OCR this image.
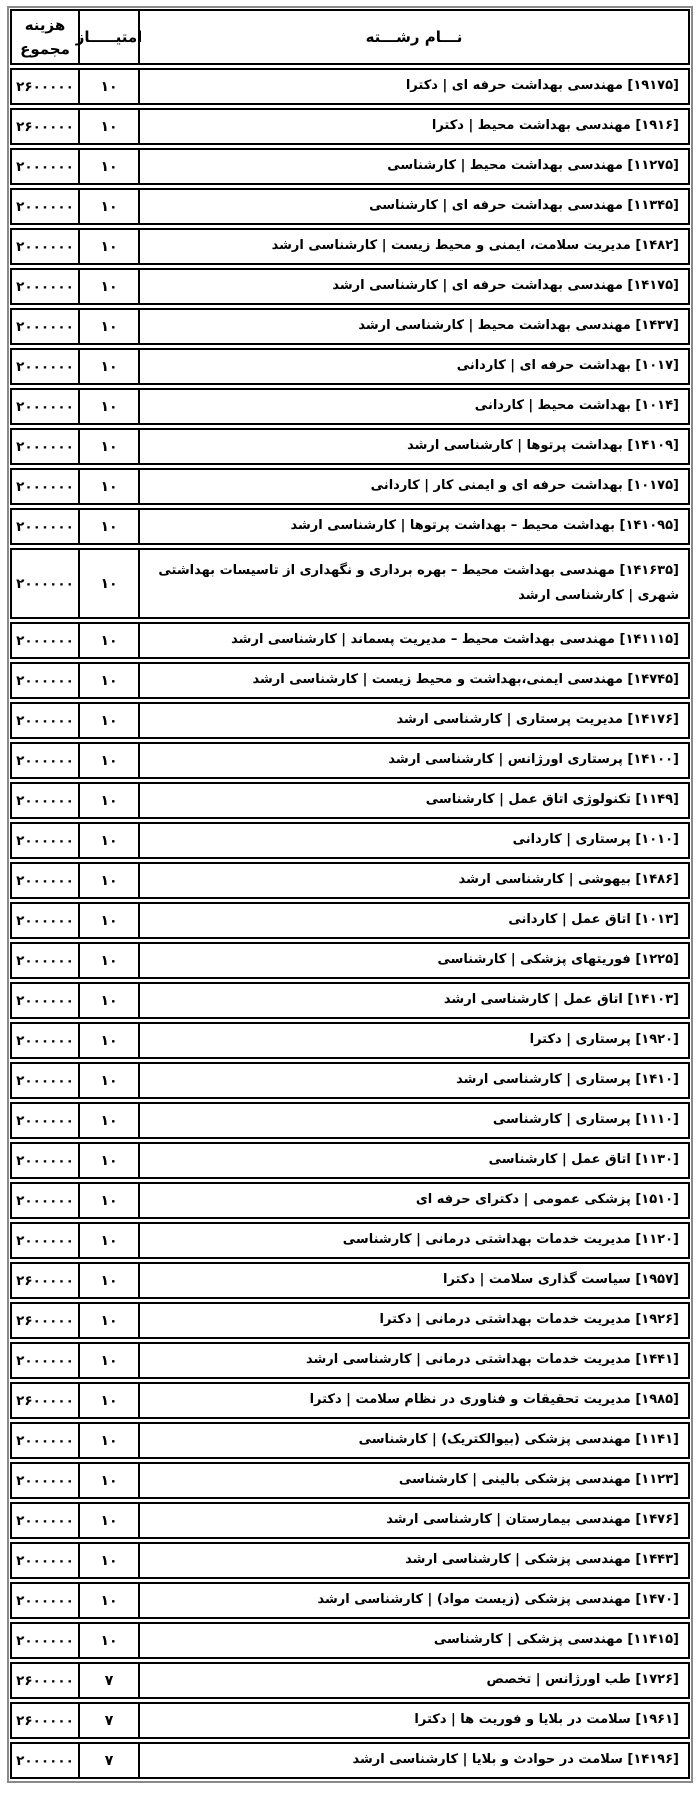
نـــام رشـــته
امتیـــــاز
هزینه
مجموع
[۱۹۱۷۵] مهندسی بهداشت حرفه ای | دکترا
۱۰
۲۶۰۰۰۰۰
[۱۹۱۶] مهندسی بهداشت محیط | دکترا
۱۰
۲۶۰۰۰۰۰
[۱۱۲۷۵] مهندسی بهداشت محیط | کارشناسی
۱۰
۲۰۰۰۰۰۰
[۱۱۳۴۵] مهندسی بهداشت حرفه ای | کارشناسی
۱۰
۲۰۰۰۰۰۰
[۱۴۸۲] مدیریت سلامت، ایمنی و محیط زیست | کارشناسی ارشد
۱۰
۲۰۰۰۰۰۰
[۱۴۱۷۵] مهندسی بهداشت حرفه ای | کارشناسی ارشد
۱۰
۲۰۰۰۰۰۰
[۱۴۳۷] مهندسی بهداشت محیط | کارشناسی ارشد
۱۰
۲۰۰۰۰۰۰
[۱۰۱۷] بهداشت حرفه ای | کاردانی
۱۰
۲۰۰۰۰۰۰
[۱۰۱۴] بهداشت محیط | کاردانی
۱۰
۲۰۰۰۰۰۰
[۱۴۱۰۹] بهداشت پرتوها | کارشناسی ارشد
۱۰
۲۰۰۰۰۰۰
[۱۰۱۷۵] بهداشت حرفه ای و ایمنی کار | کاردانی
۱۰
۲۰۰۰۰۰۰
[۱۴۱۰۹۵] بهداشت محیط – بهداشت پرتوها | کارشناسی ارشد
۱۰
۲۰۰۰۰۰۰
[۱۴۱۶۳۵] مهندسی بهداشت محیط – بهره برداری و نگهداری از تاسیسات بهداشتی شهری | کارشناسی ارشد
۱۰
۲۰۰۰۰۰۰
[۱۴۱۱۱۵] مهندسی بهداشت محیط – مدیریت پسماند | کارشناسی ارشد
۱۰
۲۰۰۰۰۰۰
[۱۴۷۴۵] مهندسی ایمنی،بهداشت و محیط زیست | کارشناسی ارشد
۱۰
۲۰۰۰۰۰۰
[۱۴۱۷۶] مدیریت پرستاری | کارشناسی ارشد
۱۰
۲۰۰۰۰۰۰
[۱۴۱۰۰] پرستاری اورژانس | کارشناسی ارشد
۱۰
۲۰۰۰۰۰۰
[۱۱۴۹] تکنولوژی اتاق عمل | کارشناسی
۱۰
۲۰۰۰۰۰۰
[۱۰۱۰] پرستاری | کاردانی
۱۰
۲۰۰۰۰۰۰
[۱۴۸۶] بیهوشی | کارشناسی ارشد
۱۰
۲۰۰۰۰۰۰
[۱۰۱۳] اتاق عمل | کاردانی
۱۰
۲۰۰۰۰۰۰
[۱۲۲۵] فوریتهای پزشکی | کارشناسی
۱۰
۲۰۰۰۰۰۰
[۱۴۱۰۳] اتاق عمل | کارشناسی ارشد
۱۰
۲۰۰۰۰۰۰
[۱۹۲۰] پرستاری | دکترا
۱۰
۲۰۰۰۰۰۰
[۱۴۱۰] پرستاری | کارشناسی ارشد
۱۰
۲۰۰۰۰۰۰
[۱۱۱۰] پرستاری | کارشناسی
۱۰
۲۰۰۰۰۰۰
[۱۱۳۰] اتاق عمل | کارشناسی
۱۰
۲۰۰۰۰۰۰
[۱۵۱۰] پزشکی عمومی | دکترای حرفه ای
۱۰
۲۰۰۰۰۰۰
[۱۱۲۰] مدیریت خدمات بهداشتی درمانی | کارشناسی
۱۰
۲۰۰۰۰۰۰
[۱۹۵۷] سیاست گذاری سلامت | دکترا
۱۰
۲۶۰۰۰۰۰
[۱۹۲۶] مدیریت خدمات بهداشتی درمانی | دکترا
۱۰
۲۶۰۰۰۰۰
[۱۴۴۱] مدیریت خدمات بهداشتی درمانی | کارشناسی ارشد
۱۰
۲۰۰۰۰۰۰
[۱۹۸۵] مدیریت تحقیقات و فناوری در نظام سلامت | دکترا
۱۰
۲۶۰۰۰۰۰
[۱۱۴۱] مهندسی پزشکی (بیوالکتریک) | کارشناسی
۱۰
۲۰۰۰۰۰۰
[۱۱۲۳] مهندسی پزشکی بالینی | کارشناسی
۱۰
۲۰۰۰۰۰۰
[۱۴۷۶] مهندسی بیمارستان | کارشناسی ارشد
۱۰
۲۰۰۰۰۰۰
[۱۴۴۳] مهندسی پزشکی | کارشناسی ارشد
۱۰
۲۰۰۰۰۰۰
[۱۴۷۰] مهندسی پزشکی (زیست مواد) | کارشناسی ارشد
۱۰
۲۰۰۰۰۰۰
[۱۱۴۱۵] مهندسی پزشکی | کارشناسی
۱۰
۲۰۰۰۰۰۰
[۱۷۲۶] طب اورژانس | تخصص
۷
۲۶۰۰۰۰۰
[۱۹۶۱] سلامت در بلایا و فوریت ها | دکترا
۷
۲۶۰۰۰۰۰
[۱۴۱۹۶] سلامت در حوادث و بلایا | کارشناسی ارشد
۷
۲۰۰۰۰۰۰
